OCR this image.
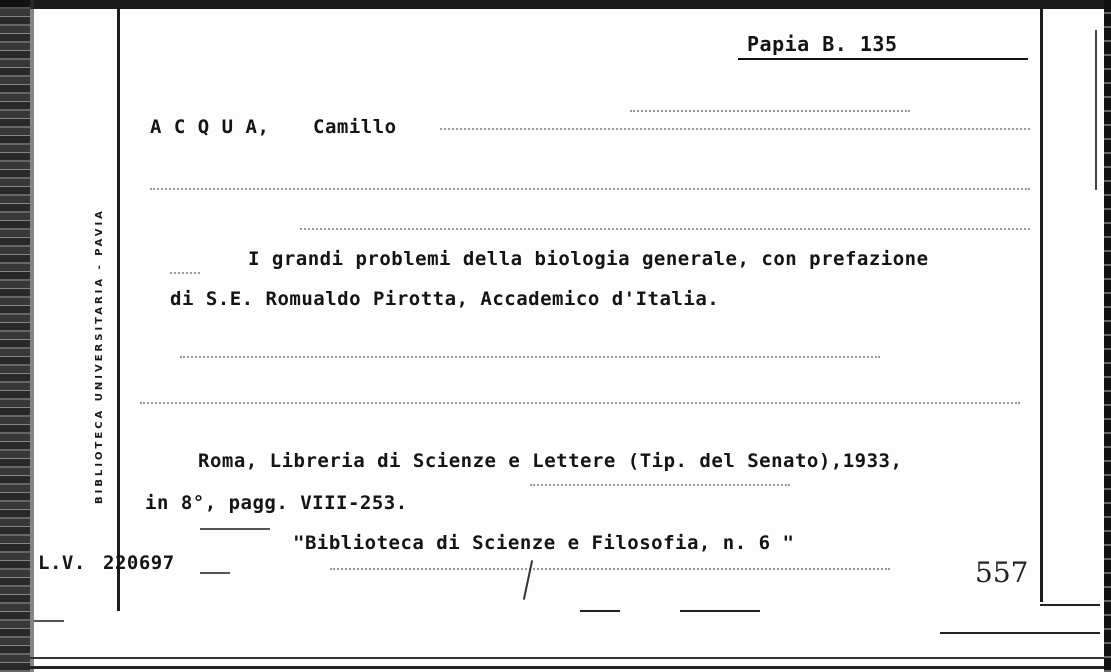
BIBLIOTECA UNIVERSITARIA - PAVIA
Papia B. 135
A C Q U A, Camillo
I grandi problemi della biologia generale, con prefazione
di S.E. Romualdo Pirotta, Accademico d'Italia.
Roma, Libreria di Scienze e Lettere (Tip. del Senato),1933,
in 8°, pagg. VIII-253.
"Biblioteca di Scienze e Filosofia, n. 6 "
L.V. 220697	557
